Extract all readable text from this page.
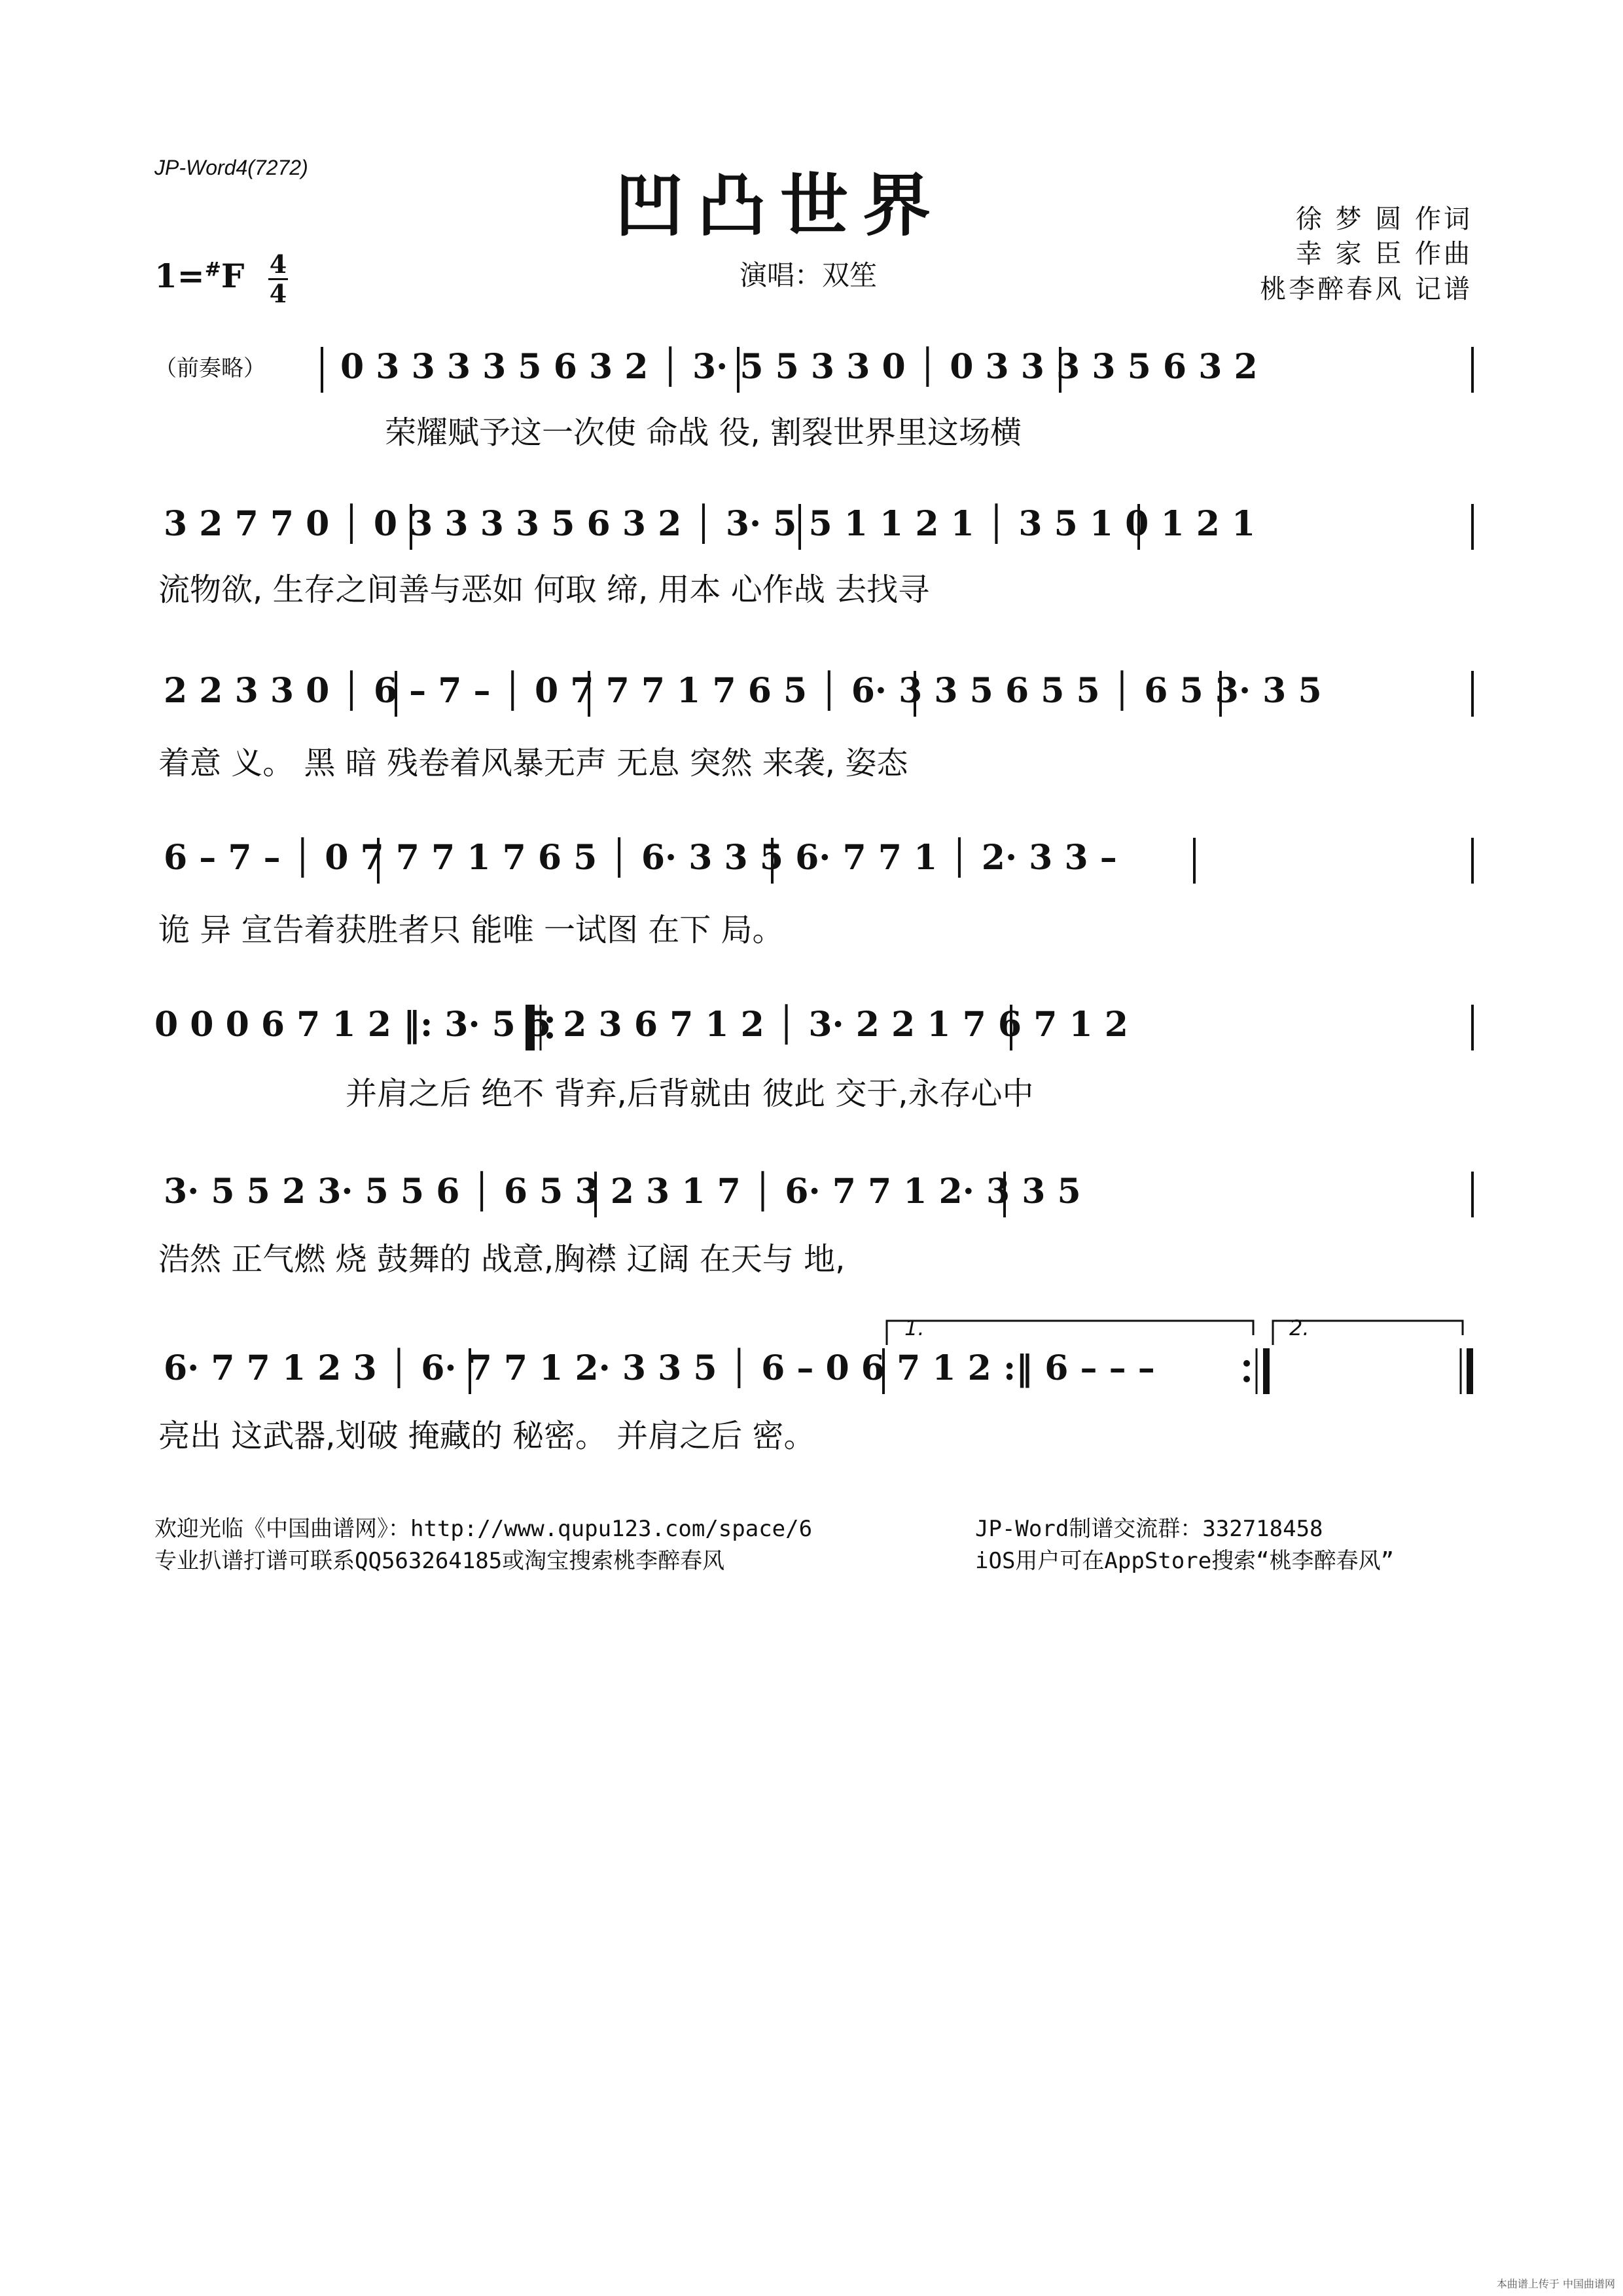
JP-Word4(7272)	凹凸世界
1=#F 4
4
演唱：双笙
徐 梦 圆 作词
幸 家 臣 作曲
桃李醉春风 记谱
1.	2.
（前奏略） 0 3 3 3 3 5 6 3 2 │ 3· 5 5 3 3 0 │ 0 3 3 3 3 5 6 3 2
荣耀赋予这一次使 命战 役, 割裂世界里这场横
3 2 7 7 0 │ 0 3 3 3 3 5 6 3 2 │ 3· 5 5 1 1 2 1 │ 3 5 1 0 1 2 1
流物欲, 生存之间善与恶如 何取 缔, 用本 心作战 去找寻
2 2 3 3 0 │ 6 – 7 – │ 0 7 7 7 1 7 6 5 │ 6· 3 3 5 6 5 5 │ 6 5 3· 3 5
着意 义。 黑 暗 残卷着风暴无声 无息 突然 来袭, 姿态
6 – 7 – │ 0 7 7 7 1 7 6 5 │ 6· 3 3 5 6· 7 7 1 │ 2· 3 3 –
诡 异 宣告着获胜者只 能唯 一试图 在下 局。
0 0 0 6 7 1 2 ‖: 3· 5 5 2 3 6 7 1 2 │ 3· 2 2 1 7 6 7 1 2
并肩之后 绝不 背弃,后背就由 彼此 交于,永存心中
3· 5 5 2 3· 5 5 6 │ 6 5 3 2 3 1 7 │ 6· 7 7 1 2· 3 3 5
浩然 正气燃 烧 鼓舞的 战意,胸襟 辽阔 在天与 地,
6· 7 7 1 2 3 │ 6· 7 7 1 2· 3 3 5 │ 6 – 0 6 7 1 2 :‖ 6 – – –
亮出 这武器,划破 掩藏的 秘密。 并肩之后 密。
欢迎光临《中国曲谱网》：http://www.qupu123.com/space/6
专业扒谱打谱可联系QQ563264185或淘宝搜索桃李醉春风
JP-Word制谱交流群：332718458
iOS用户可在AppStore搜索“桃李醉春风”
本曲谱上传于 中国曲谱网
